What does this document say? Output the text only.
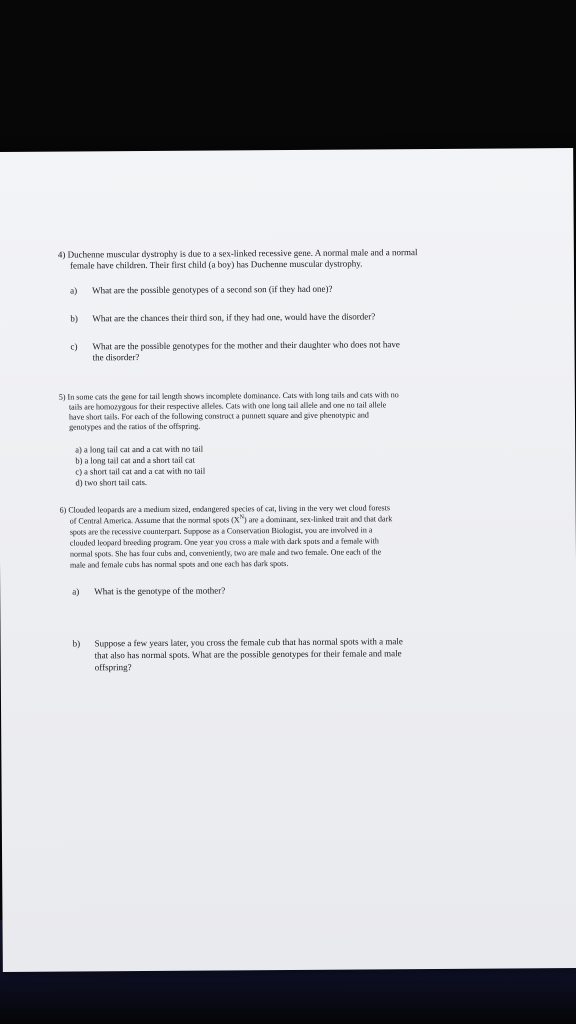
4) Duchenne muscular dystrophy is due to a sex-linked recessive gene. A normal male and a normal

female have children. Their first child (a boy) has Duchenne muscular dystrophy.

a)	What are the possible genotypes of a second son (if they had one)?
b)	What are the chances their third son, if they had one, would have the disorder?
c)	What are the possible genotypes for the mother and their daughter who does not have
the disorder?

5) In some cats the gene for tail length shows incomplete dominance. Cats with long tails and cats with no

tails are homozygous for their respective alleles. Cats with one long tail allele and one no tail allele

have short tails. For each of the following construct a punnett square and give phenotypic and

genotypes and the ratios of the offspring.

a) a long tail cat and a cat with no tail
b) a long tail cat and a short tail cat
c) a short tail cat and a cat with no tail
d) two short tail cats.

6) Clouded leopards are a medium sized, endangered species of cat, living in the very wet cloud forests

of Central America. Assume that the normal spots $(X^N)$ are a dominant, sex-linked trait and that dark

spots are the recessive counterpart. Suppose as a Conservation Biologist, you are involved in a

clouded leopard breeding program. One year you cross a male with dark spots and a female with

normal spots. She has four cubs and, conveniently, two are male and two female. One each of the

male and female cubs has normal spots and one each has dark spots.

a)	What is the genotype of the mother?
b)	Suppose a few years later, you cross the female cub that has normal spots with a male
that also has normal spots. What are the possible genotypes for their female and male
offspring?
